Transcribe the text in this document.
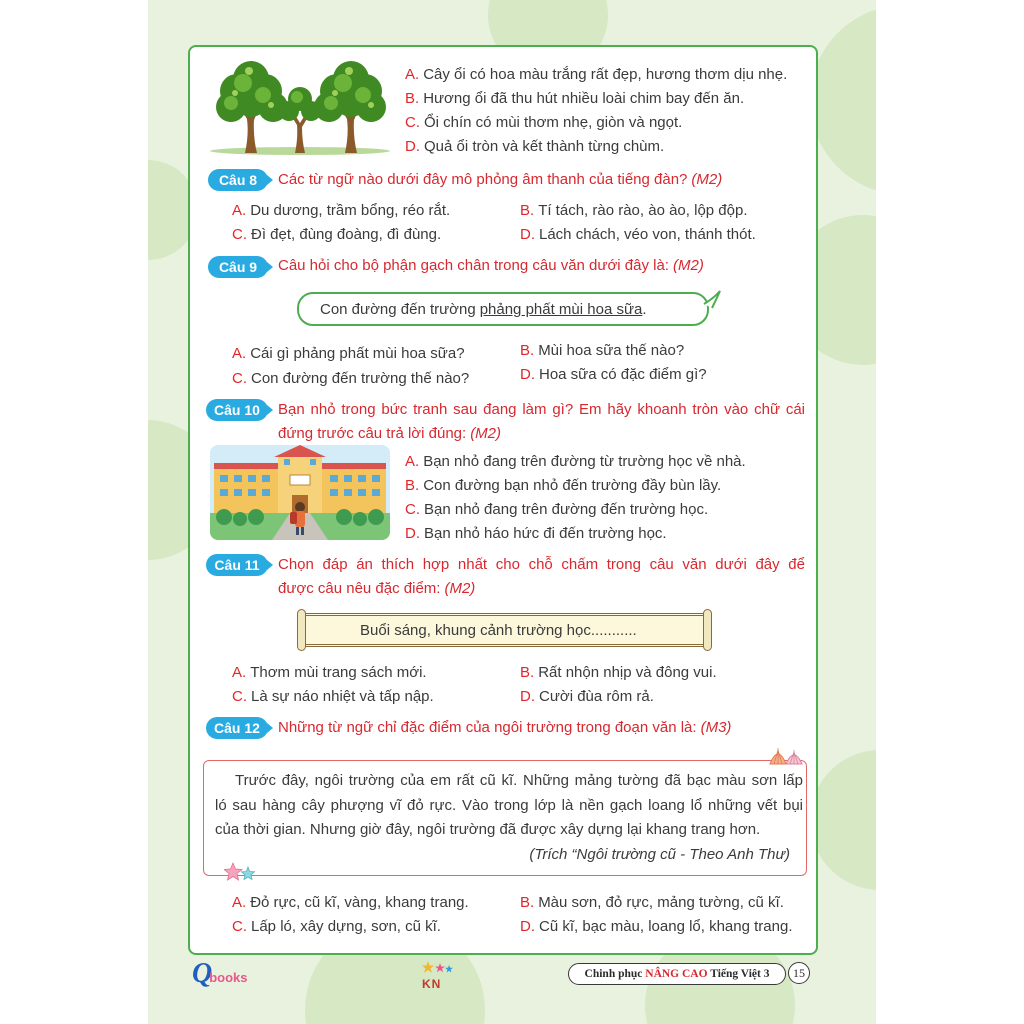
A. Cây ổi có hoa màu trắng rất đẹp, hương thơm dịu nhẹ.
B. Hương ổi đã thu hút nhiều loài chim bay đến ăn.
C. Ổi chín có mùi thơm nhẹ, giòn và ngọt.
D. Quả ổi tròn và kết thành từng chùm.
Câu 8	Các từ ngữ nào dưới đây mô phỏng âm thanh của tiếng đàn? (M2)
A. Du dương, trầm bổng, réo rắt.	B. Tí tách, rào rào, ào ào, lộp độp.
C. Đì đẹt, đùng đoàng, đì đùng.	D. Lách chách, véo von, thánh thót.
Câu 9	Câu hỏi cho bộ phận gạch chân trong câu văn dưới đây là: (M2)
Con đường đến trường phảng phất mùi hoa sữa.
A. Cái gì phảng phất mùi hoa sữa?	B. Mùi hoa sữa thế nào?
C. Con đường đến trường thế nào?	D. Hoa sữa có đặc điểm gì?
Câu 10	Bạn nhỏ trong bức tranh sau đang làm gì? Em hãy khoanh tròn vào chữ cái
đứng trước câu trả lời đúng: (M2)
A. Bạn nhỏ đang trên đường từ trường học về nhà.
B. Con đường bạn nhỏ đến trường đầy bùn lầy.
C. Bạn nhỏ đang trên đường đến trường học.
D. Bạn nhỏ háo hức đi đến trường học.
Câu 11	Chọn đáp án thích hợp nhất cho chỗ chấm trong câu văn dưới đây để
được câu nêu đặc điểm: (M2)
Buổi sáng, khung cảnh trường học...........
A. Thơm mùi trang sách mới.	B. Rất nhộn nhịp và đông vui.
C. Là sự náo nhiệt và tấp nập.	D. Cười đùa rôm rả.
Câu 12	Những từ ngữ chỉ đặc điểm của ngôi trường trong đoạn văn là: (M3)
Trước đây, ngôi trường của em rất cũ kĩ. Những mảng tường đã bạc màu sơn lấp
ló sau hàng cây phượng vĩ đỏ rực. Vào trong lớp là nền gạch loang lổ những vết bụi
của thời gian. Nhưng giờ đây, ngôi trường đã được xây dựng lại khang trang hơn.
(Trích “Ngôi trường cũ - Theo Anh Thư)
A. Đỏ rực, cũ kĩ, vàng, khang trang.	B. Màu sơn, đỏ rực, mảng tường, cũ kĩ.
C. Lấp ló, xây dựng, sơn, cũ kĩ.	D. Cũ kĩ, bạc màu, loang lổ, khang trang.
Qbooks	KN
Chinh phục NÂNG CAO Tiếng Việt 3	15
